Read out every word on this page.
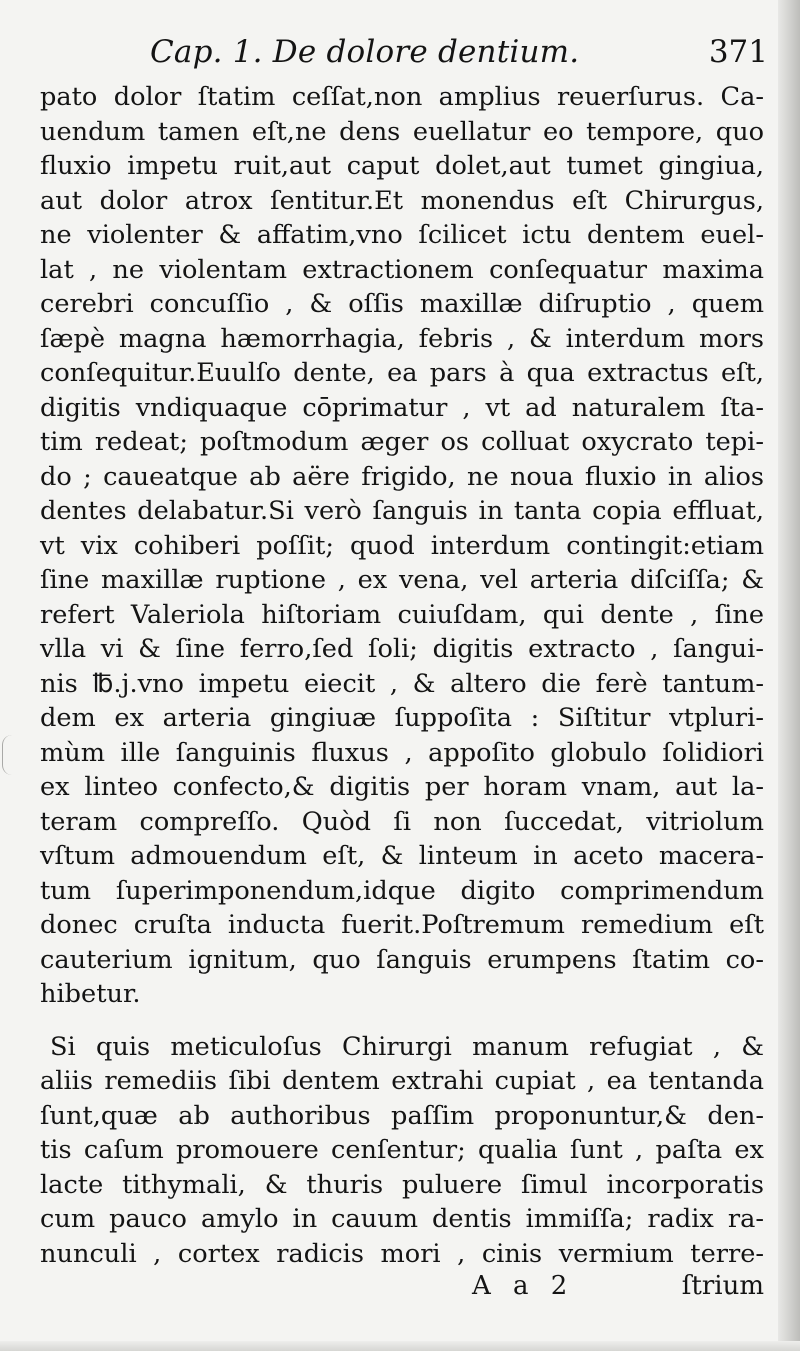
Cap. 1. De dolore dentium.	371
pato dolor ſtatim ceſſat,non amplius reuerſurus. Ca-
uendum tamen eſt,ne dens euellatur eo tempore, quo
fluxio impetu ruit,aut caput dolet,aut tumet gingiua,
aut dolor atrox ſentitur.Et monendus eſt Chirurgus,
ne violenter & affatim,vno ſcilicet ictu dentem euel-
lat , ne violentam extractionem conſequatur maxima
cerebri concuſſio , & oſſis maxillæ diſruptio , quem
ſæpè magna hæmorrhagia, febris , & interdum mors
conſequitur.Euulſo dente, ea pars à qua extractus eſt,
digitis vndiquaque cōprimatur , vt ad naturalem ſta-
tim redeat; poſtmodum æger os colluat oxycrato tepi-
do ; caueatque ab aëre frigido, ne noua fluxio in alios
dentes delabatur.Si verò ſanguis in tanta copia effluat,
vt vix cohiberi poſſit; quod interdum contingit:etiam
ſine maxillæ ruptione , ex vena, vel arteria diſciſſa; &
refert Valeriola hiſtoriam cuiuſdam, qui dente , ſine
vlla vi & ſine ferro,ſed ſoli; digitis extracto , ſangui-
nis ℔.j.vno impetu eiecit , & altero die ferè tantum-
dem ex arteria gingiuæ ſuppoſita : Siſtitur vtpluri-
mùm ille ſanguinis fluxus , appoſito globulo ſolidiori
ex linteo confecto,& digitis per horam vnam, aut la-
teram compreſſo. Quòd ſi non ſuccedat, vitriolum
vſtum admouendum eſt, & linteum in aceto macera-
tum ſuperimponendum,idque digito comprimendum
donec cruſta inducta fuerit.Poſtremum remedium eſt
cauterium ignitum, quo ſanguis erumpens ſtatim co-
hibetur.
Si quis meticuloſus Chirurgi manum refugiat , &
aliis remediis ſibi dentem extrahi cupiat , ea tentanda
ſunt,quæ ab authoribus paſſim proponuntur,& den-
tis caſum promouere cenſentur; qualia ſunt , paſta ex
lacte tithymali, & thuris puluere ſimul incorporatis
cum pauco amylo in cauum dentis immiſſa; radix ra-
nunculi , cortex radicis mori , cinis vermium terre-
A a 2	ſtrium
